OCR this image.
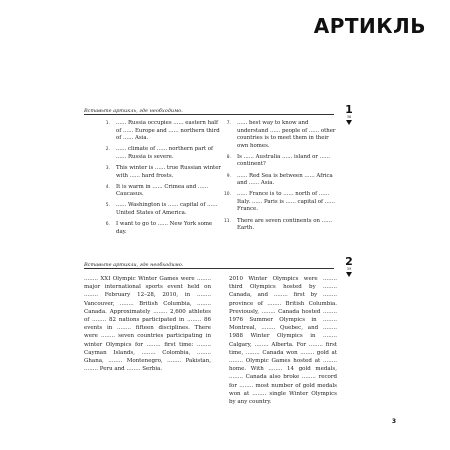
АРТИКЛЬ
Вставьте артикль, где необходимо.	1
38
1. ...... Russia occupies ...... eastern half of ...... Europe and ...... northern third of ...... Asia.
2. ...... climate of ...... northern part of ...... Russia is severe.
3. This winter is ...... true Russian winter with ...... hard frosts.
4. It is warm in ...... Crimea and ...... Caucasus.
5. ...... Washington is ...... capital of ...... United States of America.
6. I want to go to ...... New York some day.
7. ...... best way to know and understand ...... people of ...... other countries is to meet them in their own homes.
8. Is ...... Australia ...... island or ...... continent?
9. ...... Red Sea is between ...... Africa and ...... Asia.
10. ...... France is to ...... north of ...... Italy. ...... Paris is ...... capital of ...... France.
11. There are seven continents on ...... Earth.
Вставьте артикли, где необходимо.	2
39

........ XXI Olympic Winter Games were ........ major international sports event held on ........ February 12–28, 2010, in ........ Vancouver, ........ British Columbia, ........ Canada. Approximately ........ 2,600 athletes of ........ 82 nations participated in ........ 86 events in ........ fifteen disciplines. There were ........ seven countries participating in winter Olympics for ........ first time: ........ Cayman Islands, ........ Colombia, ........ Ghana, ........ Montenegro, ........ Pakistan, ........ Peru and ........ Serbia.

2010 Winter Olympics were ........ third Olympics hosted by ........ Canada, and ........ first by ........ province of ........ British Columbia. Previously, ........ Canada hosted ........ 1976 Summer Olympics in ........ Montreal, ........ Quebec, and ........ 1988 Winter Olympics in ........ Calgary, ........ Alberta. For ........ first time, ........ Canada won ........ gold at ........ Olympic Games hosted at ........ home. With ........ 14 gold medals, ........ Canada also broke ........ record for ........ most number of gold medals won at ........ single Winter Olympics by any country.

3
